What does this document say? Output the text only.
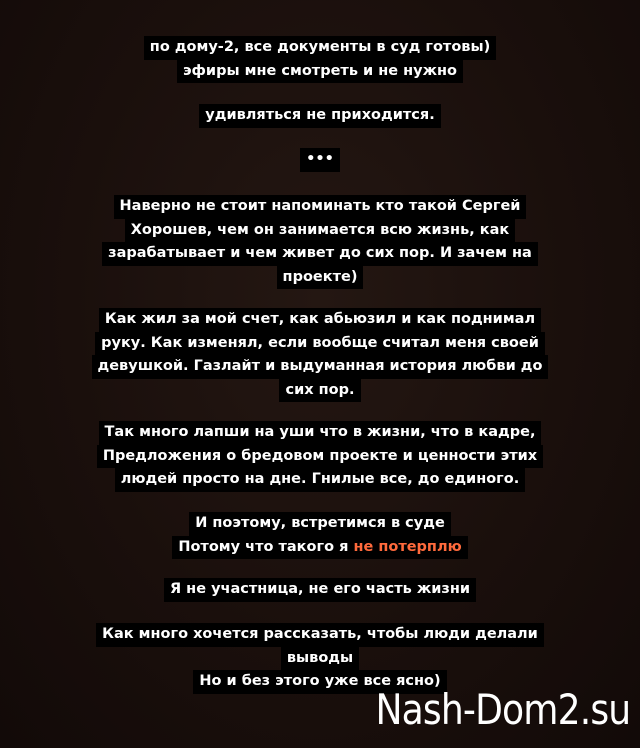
по дому-2, все документы в суд готовы)
эфиры мне смотреть и не нужно
удивляться не приходится.
•••
Наверно не стоит напоминать кто такой Сергей
Хорошев, чем он занимается всю жизнь, как
зарабатывает и чем живет до сих пор. И зачем на
проекте)
Как жил за мой счет, как абьюзил и как поднимал
руку. Как изменял, если вообще считал меня своей
девушкой. Газлайт и выдуманная история любви до
сих пор.
Так много лапши на уши что в жизни, что в кадре,
Предложения о бредовом проекте и ценности этих
людей просто на дне. Гнилые все, до единого.
И поэтому, встретимся в суде
Потому что такого я не потерплю
Я не участница, не его часть жизни
Как много хочется рассказать, чтобы люди делали
выводы
Но и без этого уже все ясно)
Nash-Dom2.su
